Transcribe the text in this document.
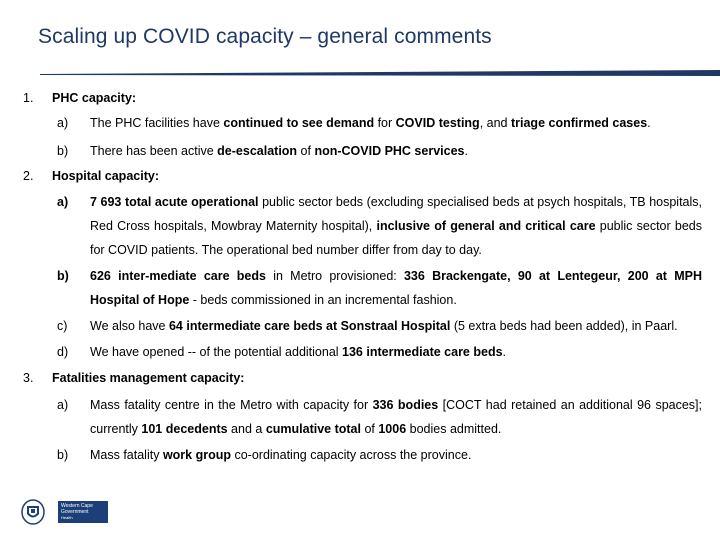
Scaling up COVID capacity – general comments
1. PHC capacity:
a) The PHC facilities have continued to see demand for COVID testing, and triage confirmed cases.
b) There has been active de-escalation of non-COVID PHC services.
2. Hospital capacity:
a) 7 693 total acute operational public sector beds (excluding specialised beds at psych hospitals, TB hospitals, Red Cross hospitals, Mowbray Maternity hospital), inclusive of general and critical care public sector beds for COVID patients. The operational bed number differ from day to day.
b) 626 inter-mediate care beds in Metro provisioned: 336 Brackengate, 90 at Lentegeur, 200 at MPH Hospital of Hope - beds commissioned in an incremental fashion.
c) We also have 64 intermediate care beds at Sonstraal Hospital (5 extra beds had been added), in Paarl.
d) We have opened -- of the potential additional 136 intermediate care beds.
3. Fatalities management capacity:
a) Mass fatality centre in the Metro with capacity for 336 bodies [COCT had retained an additional 96 spaces]; currently 101 decedents and a cumulative total of 1006 bodies admitted.
b) Mass fatality work group co-ordinating capacity across the province.
Western Cape
Government
Health
